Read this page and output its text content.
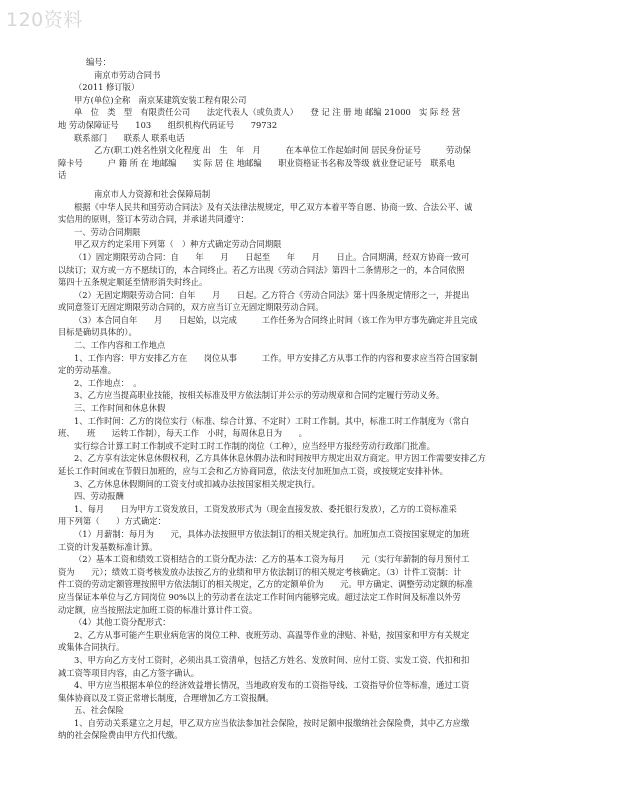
120资料

编号：

南京市劳动合同书

（2011 修订版）

甲方(单位)全称　南京某建筑安装工程有限公司

单　位　类　型　有限责任公司　　法定代表人（或负责人）　　登 记 注 册 地 邮编 21000　实 际 经 营

地 劳动保障证号　　103　　组织机构代码证号　　79732

联系部门　　联系人 联系电话

乙方(职工)姓名性别文化程度 出　生　年　月　　　在本单位工作起始时间 居民身份证号　　　劳动保

障卡号　　　户 籍 所 在 地邮编　　实 际 居 住 地邮编　　职业资格证书名称及等级 就业登记证号　联系电

话

南京市人力资源和社会保障局制

根据《中华人民共和国劳动合同法》及有关法律法规规定，甲乙双方本着平等自愿、协商一致、合法公平、诚

实信用的原则，签订本劳动合同，并承诺共同遵守：

一、劳动合同期限

甲乙双方约定采用下列第（　）种方式确定劳动合同期限

（1）固定期限劳动合同：自　　年　　月　　日起至　　年　　月　　日止。合同期满，经双方协商一致可

以续订；双方或一方不愿续订的，本合同终止。若乙方出现《劳动合同法》第四十二条情形之一的，本合同依照

第四十五条规定顺延至情形消失时终止。

（2）无固定期限劳动合同：自年　　月　　日起。乙方符合《劳动合同法》第十四条规定情形之一，并提出

或同意签订无固定期限劳动合同的，双方应当订立无固定期限劳动合同。

（3）本合同自年　　月　　日起始，以完成　　　工作任务为合同终止时间（该工作为甲方事先确定并且完成

目标是确切具体的）。

二、工作内容和工作地点

1、工作内容：甲方安排乙方在　　岗位从事　　　工作。甲方安排乙方从事工作的内容和要求应当符合国家制

定的劳动基准。

2、工作地点：　。

3、乙方应当提高职业技能，按相关标准及甲方依法制订并公示的劳动规章和合同约定履行劳动义务。

三、工作时间和休息休假

1、工作时间：乙方的岗位实行（标准、综合计算、不定时）工时工作制。其中，标准工时工作制度为（常白

班、　　班　　运转工作制），每天工作　小时，每周休息日为　　。

实行综合计算工时工作制或不定时工时工作制的岗位（工种），应当经甲方报经劳动行政部门批准。

2、乙方享有法定休息休假权利，乙方具体休息休假办法和时间按甲方规定出双方商定。甲方因工作需要安排乙方

延长工作时间或在节假日加班的，应与工会和乙方协商同意，依法支付加班加点工资，或按规定安排补休。

3、乙方休息休假期间的工资支付或扣减办法按国家相关规定执行。

四、劳动报酬

1、每月　　日为甲方工资发放日，工资发放形式为（现金直接发放、委托银行发放），乙方的工资标准采

用下列第（　　）方式确定：

（1）月薪制：每月为　　元，具体办法按照甲方依法制订的相关规定执行。加班加点工资按国家规定的加班

工资的计发基数标准计算。

（2）基本工资和绩效工资相结合的工资分配办法：乙方的基本工资为每月　　元（实行年薪制的每月预付工

资为　　元）；绩效工资考核发放办法按乙方的业绩和甲方依法制订的相关规定考核确定。（3）计件工资制：计

件工资的劳动定额管理按照甲方依法制订的相关规定，乙方的定额单价为　　元。甲方确定、调整劳动定额的标准

应当保证本单位与乙方同岗位 90%以上的劳动者在法定工作时间内能够完成。超过法定工作时间及标准以外劳

动定额，应当按照法定加班工资的标准计算计件工资。

（4）其他工资分配形式：

2、乙方从事可能产生职业病危害的岗位工种、夜班劳动、高温等作业的津贴、补贴，按国家和甲方有关规定

或集体合同执行。

3、甲方向乙方支付工资时，必须出具工资清单，包括乙方姓名、发放时间、应付工资、实发工资、代扣和扣

减工资等项目内容，由乙方签字确认。

4、甲方应当根据本单位的经济效益增长情况，当地政府发布的工资指导线、工资指导价位等标准，通过工资

集体协商以及工资正常增长制度，合理增加乙方工资报酬。

五、社会保险

1、自劳动关系建立之月起，甲乙双方应当依法参加社会保险，按时足额申报缴纳社会保险费，其中乙方应缴

纳的社会保险费由甲方代扣代缴。
